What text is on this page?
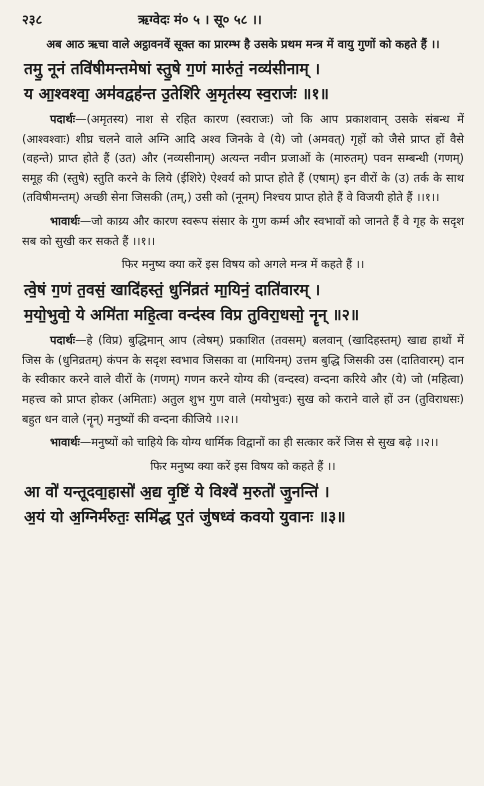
२३८	ऋग्वेदः मं० ५ । सू० ५८ ।।
अब आठ ऋचा वाले अट्ठावनवें सूक्त का प्रारम्भ है उसके प्रथम मन्त्र में वायु गुणों को कहते हैं ।।
तमु॒ नूनं तवि॑षीमन्तमेषां स्तु॒षे ग॒णं मारु॑तं॒ नव्य॑सीनाम् ।
य आ॒श्वश्वा॒ अम॑वद्वह॑न्त उ॒तेशि॑रे अ॒मृत॑स्य स्व॒राजः॑ ॥१॥
पदार्थः—(अमृतस्य) नाश से रहित कारण (स्वराजः) जो कि आप प्रकाशवान् उसके संबन्ध में (आश्वश्वाः) शीघ्र चलने वाले अग्नि आदि अश्व जिनके वे (ये) जो (अमवत्) गृहों को जैसे प्राप्त हों वैसे (वहन्ते) प्राप्त होते हैं (उत) और (नव्यसीनाम्) अत्यन्त नवीन प्रजाओं के (मारुतम्) पवन सम्बन्धी (गणम्) समूह की (स्तुषे) स्तुति करने के लिये (ईशिरे) ऐश्वर्य को प्राप्त होते हैं (एषाम्) इन वीरों के (उ) तर्क के साथ (तविषीमन्तम्) अच्छी सेना जिसकी (तम्,) उसी को (नूनम्) निश्चय प्राप्त होते हैं वे विजयी होते हैं ।।१।।
भावार्थः—जो काय्र्य और कारण स्वरूप संसार के गुण कर्म्म और स्वभावों को जानते हैं वे गृह के सदृश सब को सुखी कर सकते हैं ।।१।।
फिर मनुष्य क्या करें इस विषय को अगले मन्त्र में कहते हैं ।।
त्वे॒षं ग॒णं त॒वसं॒ खादि॑हस्तं॒ धुनि॑व्रतं मा॒यिनं॒ दाति॑वारम् ।
म॒यो॒भुवो॒ ये अमि॑ता महि॒त्वा वन्द॑स्व विप्र तुविरा॒धसो॒ नॄन् ॥२॥
पदार्थः—हे (विप्र) बुद्धिमान् आप (त्वेषम्) प्रकाशित (तवसम्) बलवान् (खादिहस्तम्) खाद्य हाथों में जिस के (धुनिव्रतम्) कंपन के सदृश स्वभाव जिसका वा (मायिनम्) उत्तम बुद्धि जिसकी उस (दातिवारम्) दान के स्वीकार करने वाले वीरों के (गणम्) गणन करने योग्य की (वन्दस्व) वन्दना करिये और (ये) जो (महित्वा) महत्त्व को प्राप्त होकर (अमिताः) अतुल शुभ गुण वाले (मयोभुवः) सुख को कराने वाले हों उन (तुविराधसः) बहुत धन वाले (नॄन्) मनुष्यों की वन्दना कीजिये ।।२।।
भावार्थः—मनुष्यों को चाहिये कि योग्य धार्मिक विद्वानों का ही सत्कार करें जिस से सुख बढ़े ।।२।।
फिर मनुष्य क्या करें इस विषय को कहते हैं ।।
आ वो॑ यन्तूदवा॒हासो॑ अ॒द्य वृ॒ष्टिं ये विश्वे॑ म॒रुतो॑ जु॒नन्ति॑ ।
अ॒यं यो अ॒ग्निर्म॑रुतः॒ समि॑द्ध ए॒तं जु॑षध्वं कवयो युवानः ॥३॥
